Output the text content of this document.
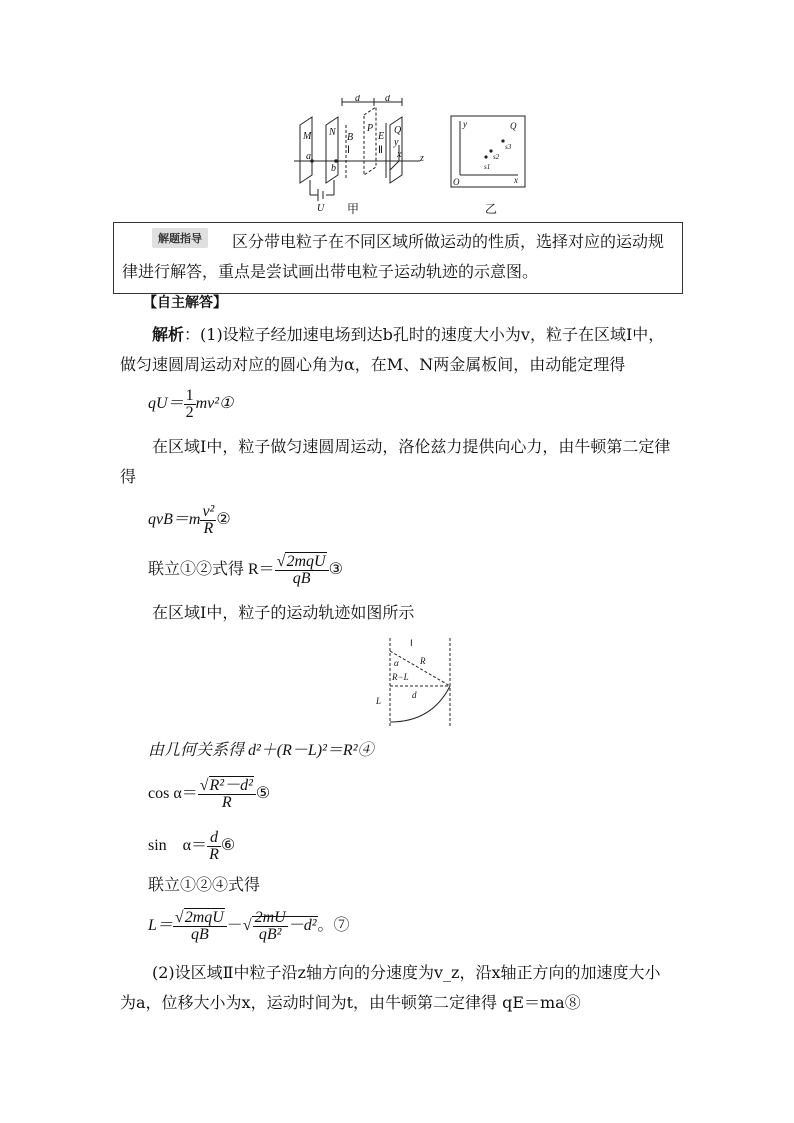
M N B
Ⅰ
P
E
Ⅱ
Q
a
b
U
x
y
z
d	d
甲
y	Q
O	x
s1
s2
s3
乙
解题指导	区分带电粒子在不同区域所做运动的性质，选择对应的运动规律进行解答，重点是尝试画出带电粒子运动轨迹的示意图。
【自主解答】
解析：(1)设粒子经加速电场到达b孔时的速度大小为v，粒子在区域Ⅰ中，做匀速圆周运动对应的圆心角为α，在M、N两金属板间，由动能定理得
$qU= \frac{1}{2}$ mv²①
在区域Ⅰ中，粒子做匀速圆周运动，洛伦兹力提供向心力，由牛顿第二定律得
$qvB=m \frac{\text{v²}}{R}$ ②
联立①②式得 $R= \frac{\text{√2mqU}}{qB}$ ③
在区域Ⅰ中，粒子的运动轨迹如图所示
Ⅰ
R
α
R−L
L
d
由几何关系得 d²＋(R－L)²＝R²④
$\cos \alpha= \frac{\text{√R²－d²}}{R}$ ⑤
sin　$\alpha= \frac{d}{R}$ ⑥
联立①②④式得
$L= \frac{\text{√2mqU}}{qB}$ －√ $\frac{2mU}{\text{qB²}} -d^2$。⑦
(2)设区域Ⅱ中粒子沿z轴方向的分速度为v_z，沿x轴正方向的加速度大小为a，位移大小为x，运动时间为t，由牛顿第二定律得 qE＝ma⑧
